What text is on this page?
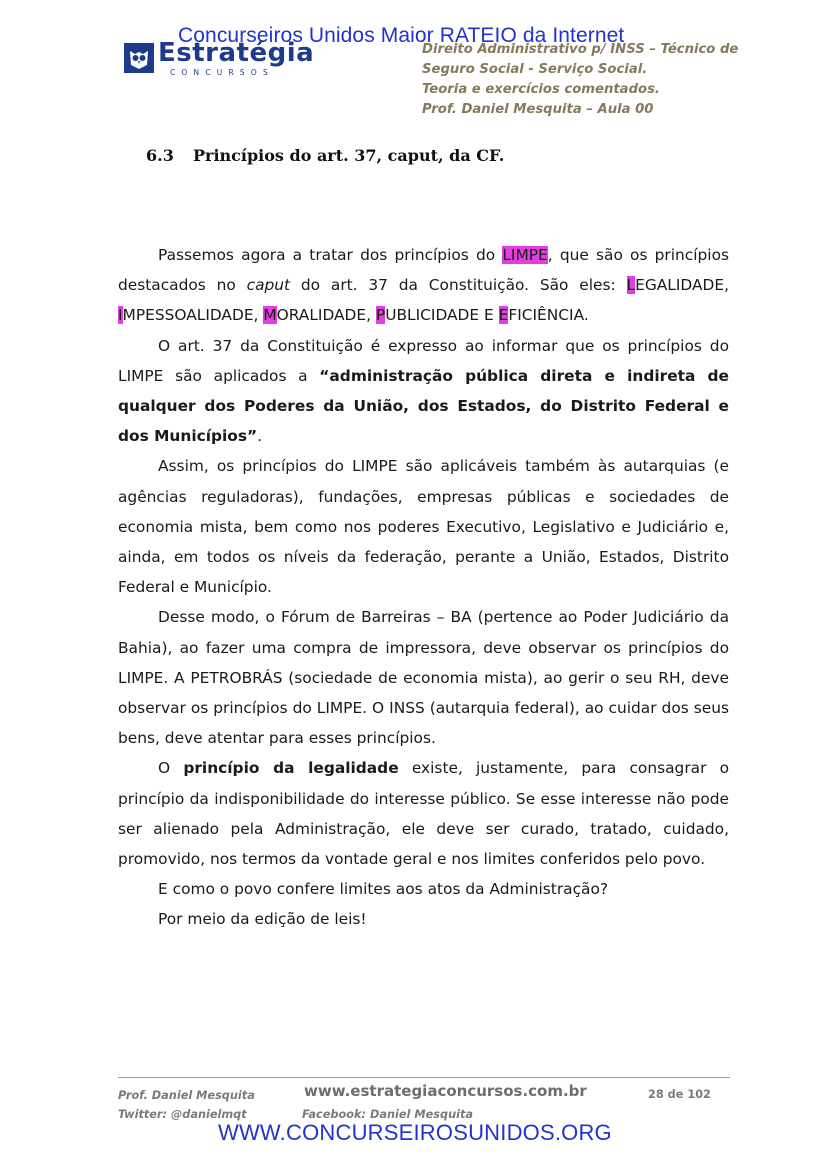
Concurseiros Unidos Maior RATEIO da Internet
Estratégia
CONCURSOS
Direito Administrativo p/ INSS – Técnico de
Seguro Social - Serviço Social.
Teoria e exercícios comentados.
Prof. Daniel Mesquita – Aula 00
6.3 Princípios do art. 37, caput, da CF.

Passemos agora a tratar dos princípios do LIMPE, que são os princípios destacados no caput do art. 37 da Constituição. São eles: LEGALIDADE, IMPESSOALIDADE, MORALIDADE, PUBLICIDADE E EFICIÊNCIA.

O art. 37 da Constituição é expresso ao informar que os princípios do LIMPE são aplicados a “administração pública direta e indireta de qualquer dos Poderes da União, dos Estados, do Distrito Federal e dos Municípios”.

Assim, os princípios do LIMPE são aplicáveis também às autarquias (e agências reguladoras), fundações, empresas públicas e sociedades de economia mista, bem como nos poderes Executivo, Legislativo e Judiciário e, ainda, em todos os níveis da federação, perante a União, Estados, Distrito Federal e Município.

Desse modo, o Fórum de Barreiras – BA (pertence ao Poder Judiciário da Bahia), ao fazer uma compra de impressora, deve observar os princípios do LIMPE. A PETROBRÁS (sociedade de economia mista), ao gerir o seu RH, deve observar os princípios do LIMPE. O INSS (autarquia federal), ao cuidar dos seus bens, deve atentar para esses princípios.

O princípio da legalidade existe, justamente, para consagrar o princípio da indisponibilidade do interesse público. Se esse interesse não pode ser alienado pela Administração, ele deve ser curado, tratado, cuidado, promovido, nos termos da vontade geral e nos limites conferidos pelo povo.

E como o povo confere limites aos atos da Administração?

Por meio da edição de leis!

Prof. Daniel Mesquita
Twitter: @danielmqt
www.estrategiaconcursos.com.br
Facebook: Daniel Mesquita
28 de 102
WWW.CONCURSEIROSUNIDOS.ORG
